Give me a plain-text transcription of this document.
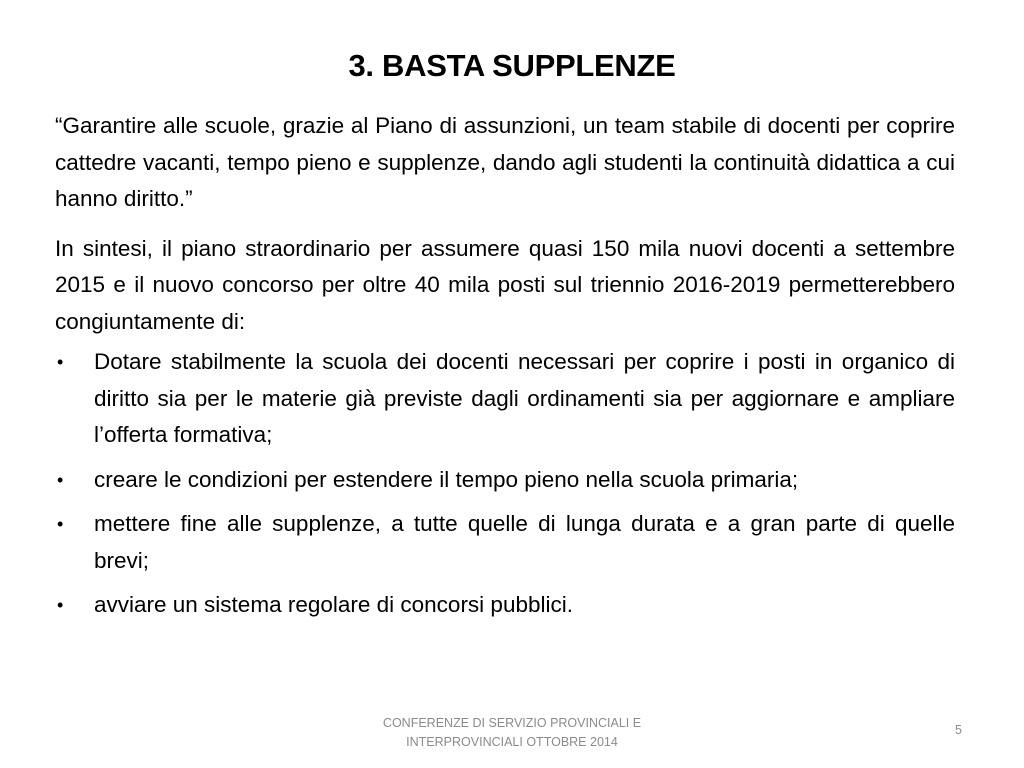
3. BASTA SUPPLENZE

“Garantire alle scuole, grazie al Piano di assunzioni, un team stabile di docenti per coprire cattedre vacanti, tempo pieno e supplenze, dando agli studenti la continuità didattica a cui hanno diritto.”

In sintesi, il piano straordinario per assumere quasi 150 mila nuovi docenti a settembre 2015 e il nuovo concorso per oltre 40 mila posti sul triennio 2016-2019 permetterebbero congiuntamente di:

• Dotare stabilmente la scuola dei docenti necessari per coprire i posti in organico di diritto sia per le materie già previste dagli ordinamenti sia per aggiornare e ampliare l’offerta formativa;
• creare le condizioni per estendere il tempo pieno nella scuola primaria;
• mettere fine alle supplenze, a tutte quelle di lunga durata e a gran parte di quelle brevi;
• avviare un sistema regolare di concorsi pubblici.
CONFERENZE DI SERVIZIO PROVINCIALI E
INTERPROVINCIALI OTTOBRE 2014
5
